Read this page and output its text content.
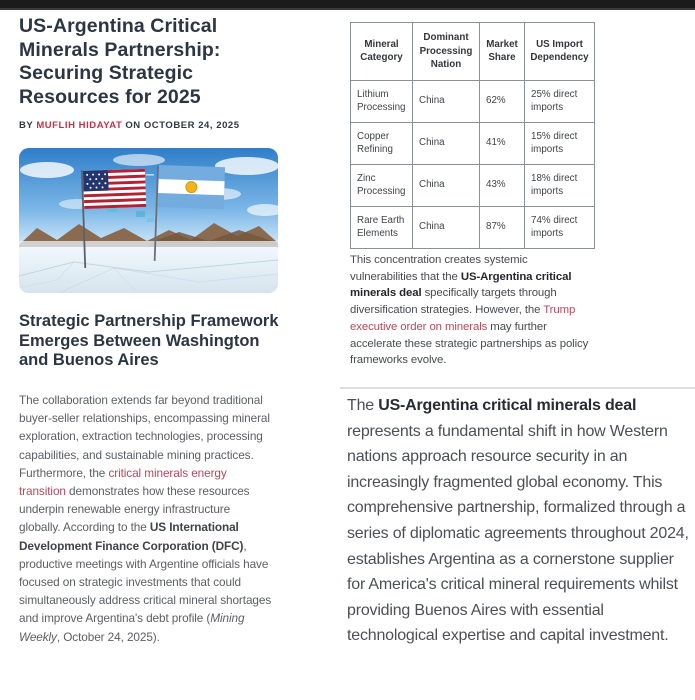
US-Argentina Critical Minerals Partnership: Securing Strategic Resources for 2025
BY MUFLIH HIDAYAT ON OCTOBER 24, 2025
Strategic Partnership Framework Emerges Between Washington and Buenos Aires

The collaboration extends far beyond traditional buyer-seller relationships, encompassing mineral exploration, extraction technologies, processing capabilities, and sustainable mining practices. Furthermore, the critical minerals energy transition demonstrates how these resources underpin renewable energy infrastructure globally. According to the US International Development Finance Corporation (DFC), productive meetings with Argentine officials have focused on strategic investments that could simultaneously address critical mineral shortages and improve Argentina's debt profile (Mining Weekly, October 24, 2025).

Mineral Category	Dominant Processing Nation	Market Share	US Import Dependency
Lithium Processing	China	62%	25% direct imports
Copper Refining	China	41%	15% direct imports
Zinc Processing	China	43%	18% direct imports
Rare Earth Elements	China	87%	74% direct imports

This concentration creates systemic vulnerabilities that the US-Argentina critical minerals deal specifically targets through diversification strategies. However, the Trump executive order on minerals may further accelerate these strategic partnerships as policy frameworks evolve.

The US-Argentina critical minerals deal represents a fundamental shift in how Western nations approach resource security in an increasingly fragmented global economy. This comprehensive partnership, formalized through a series of diplomatic agreements throughout 2024, establishes Argentina as a cornerstone supplier for America's critical mineral requirements whilst providing Buenos Aires with essential technological expertise and capital investment.
